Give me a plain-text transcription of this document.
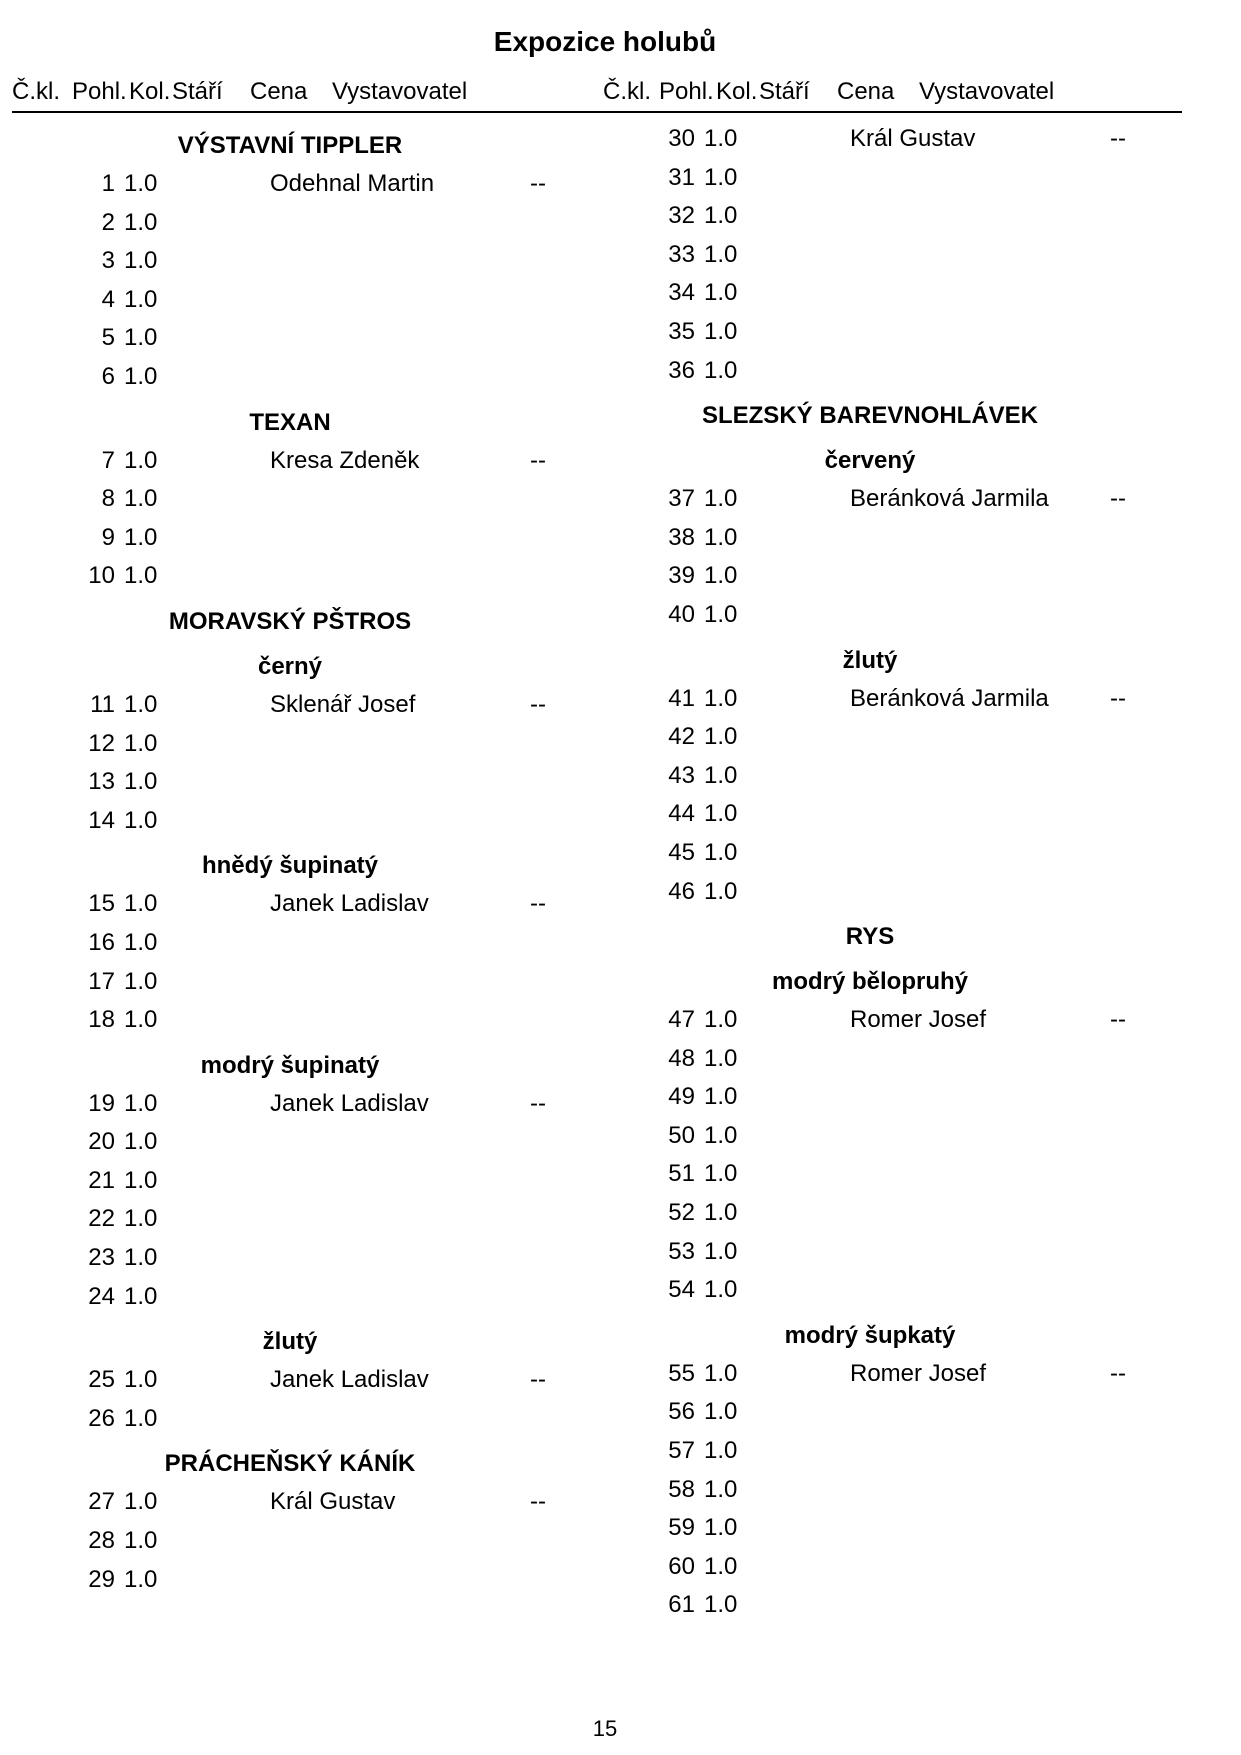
Expozice holubů
Č.kl. Pohl. Kol. Stáří Cena Vystavovatel	Č.kl. Pohl. Kol. Stáří Cena Vystavovatel
VÝSTAVNÍ TIPPLER
1 1.0	Odehnal Martin	--
2 1.0
3 1.0
4 1.0
5 1.0
6 1.0
TEXAN
7 1.0	Kresa Zdeněk	--
8 1.0
9 1.0
10 1.0
MORAVSKÝ PŠTROS
černý
11 1.0	Sklenář Josef	--
12 1.0
13 1.0
14 1.0
hnědý šupinatý
15 1.0	Janek Ladislav	--
16 1.0
17 1.0
18 1.0
modrý šupinatý
19 1.0	Janek Ladislav	--
20 1.0
21 1.0
22 1.0
23 1.0
24 1.0
žlutý
25 1.0	Janek Ladislav	--
26 1.0
PRÁCHEŇSKÝ KÁNÍK
27 1.0	Král Gustav	--
28 1.0
29 1.0
30 1.0	Král Gustav	--
31 1.0
32 1.0
33 1.0
34 1.0
35 1.0
36 1.0
SLEZSKÝ BAREVNOHLÁVEK
červený
37 1.0	Beránková Jarmila	--
38 1.0
39 1.0
40 1.0
žlutý
41 1.0	Beránková Jarmila	--
42 1.0
43 1.0
44 1.0
45 1.0
46 1.0
RYS
modrý bělopruhý
47 1.0	Romer Josef	--
48 1.0
49 1.0
50 1.0
51 1.0
52 1.0
53 1.0
54 1.0
modrý šupkatý
55 1.0	Romer Josef	--
56 1.0
57 1.0
58 1.0
59 1.0
60 1.0
61 1.0
15
